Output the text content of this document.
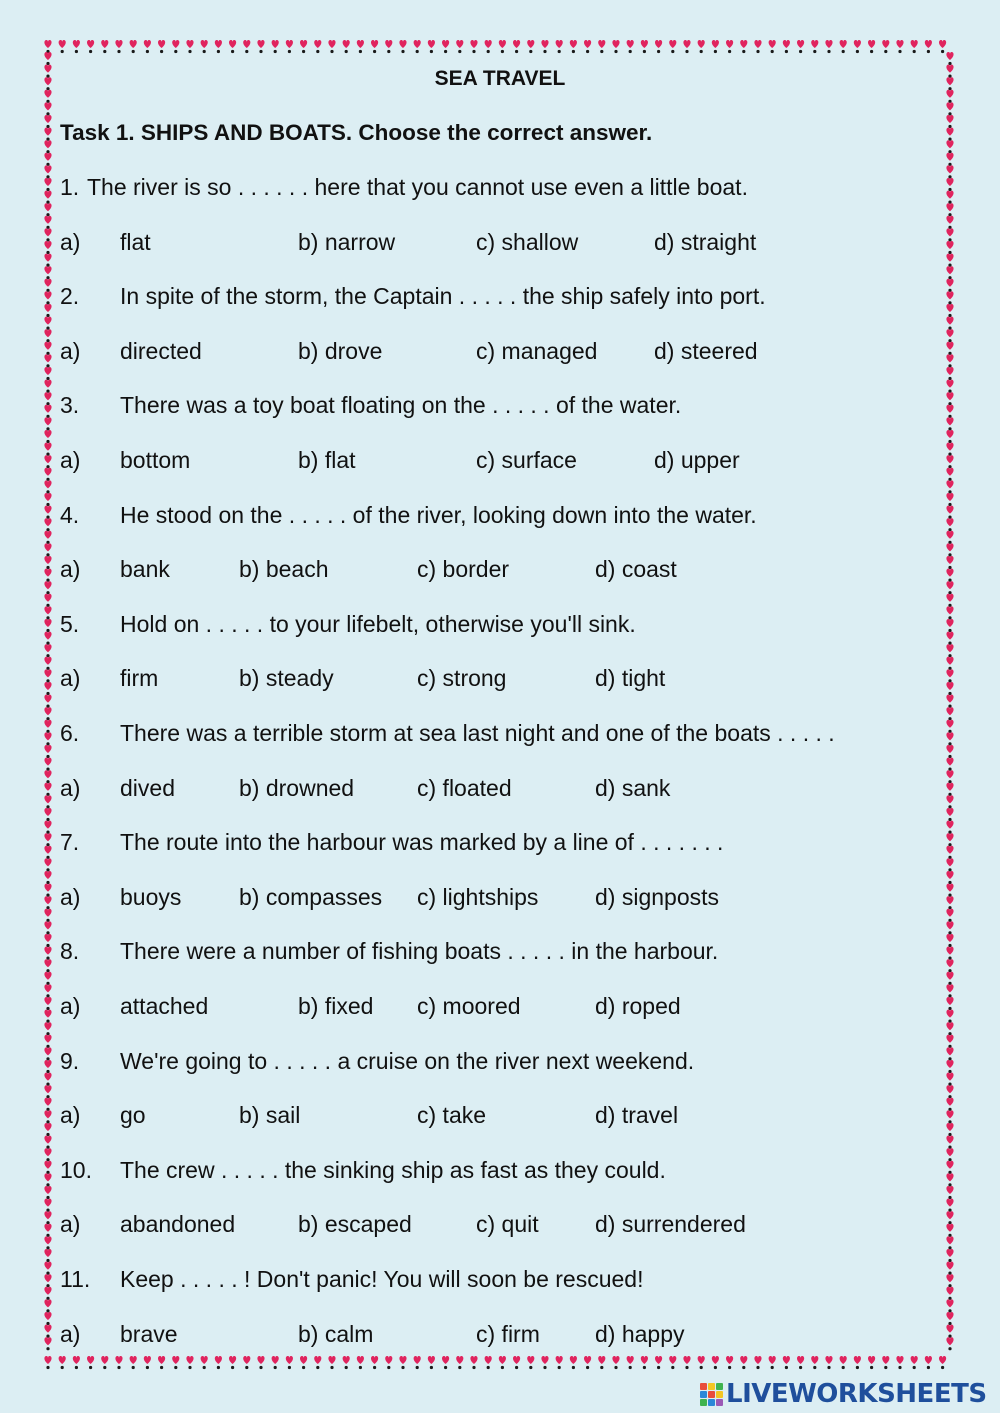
SEA TRAVEL
Task 1. SHIPS AND BOATS. Choose the correct answer.
1. The river is so . . . . . . here that you cannot use even a little boat.
a) flat	b) narrow	c) shallow	d) straight
2. In spite of the storm, the Captain . . . . . the ship safely into port.
a) directed	b) drove	c) managed d) steered
3. There was a toy boat floating on the . . . . . of the water.
a) bottom	b) flat	c) surface	d) upper
4. He stood on the . . . . . of the river, looking down into the water.
a) bank	b) beach	c) border	d) coast
5. Hold on . . . . . to your lifebelt, otherwise you'll sink.
a) firm	b) steady	c) strong	d) tight
6. There was a terrible storm at sea last night and one of the boats . . . . .
a) dived	b) drowned	c) floated	d) sank
7. The route into the harbour was marked by a line of . . . . . . .
a) buoys	b) compasses c) lightships d) signposts
8. There were a number of fishing boats . . . . . in the harbour.
a) attached	b) fixed c) moored	d) roped
9. We're going to . . . . . a cruise on the river next weekend.
a) go	b) sail	c) take	d) travel
10. The crew . . . . . the sinking ship as fast as they could.
a) abandoned	b) escaped	c) quit d) surrendered
11. Keep . . . . . ! Don't panic! You will soon be rescued!
a) brave	b) calm	c) firm d) happy
LIVEWORKSHEETS
